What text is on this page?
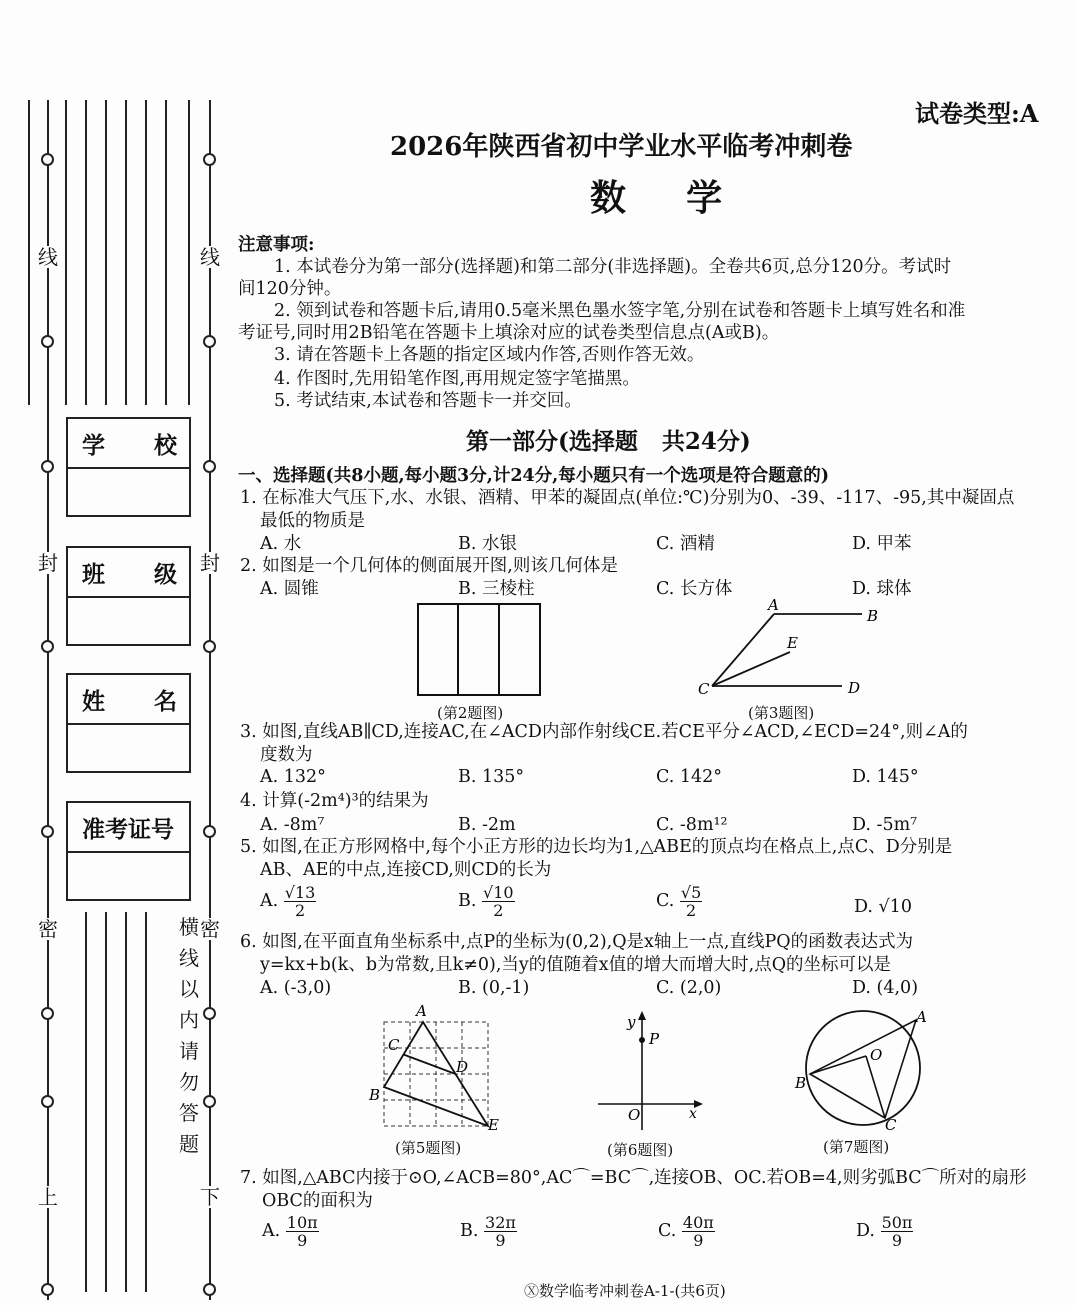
线
封
密
上
线
封
密
下
学 校
班 级
姓 名
准考证号
横
线
以
内
请
勿
答
题
试卷类型:A
2026年陕西省初中学业水平临考冲刺卷
数    学
注意事项:
1. 本试卷分为第一部分(选择题)和第二部分(非选择题)。全卷共6页,总分120分。考试时
间120分钟。
2. 领到试卷和答题卡后,请用0.5毫米黑色墨水签字笔,分别在试卷和答题卡上填写姓名和准
考证号,同时用2B铅笔在答题卡上填涂对应的试卷类型信息点(A或B)。
3. 请在答题卡上各题的指定区域内作答,否则作答无效。
4. 作图时,先用铅笔作图,再用规定签字笔描黑。
5. 考试结束,本试卷和答题卡一并交回。
第一部分(选择题   共24分)
一、选择题(共8小题,每小题3分,计24分,每小题只有一个选项是符合题意的)
1. 在标准大气压下,水、水银、酒精、甲苯的凝固点(单位:℃)分别为0、-39、-117、-95,其中凝固点
最低的物质是
A. 水	B. 水银	C. 酒精	D. 甲苯
2. 如图是一个几何体的侧面展开图,则该几何体是
A. 圆锥	B. 三棱柱	C. 长方体	D. 球体
(第2题图)
A
B
E
C	D
(第3题图)
3. 如图,直线AB∥CD,连接AC,在∠ACD内部作射线CE.若CE平分∠ACD,∠ECD=24°,则∠A的
度数为
A. 132°	B. 135°	C. 142°	D. 145°
4. 计算(-2m⁴)³的结果为
A. -8m⁷	B. -2m	C. -8m¹²	D. -5m⁷
5. 如图,在正方形网格中,每个小正方形的边长均为1,△ABE的顶点均在格点上,点C、D分别是
AB、AE的中点,连接CD,则CD的长为
A. $\frac{√13}{2}$	B. $\frac{√10}{2}$	C. $\frac{√5}{2}$	D. √10
6. 如图,在平面直角坐标系中,点P的坐标为(0,2),Q是x轴上一点,直线PQ的函数表达式为
y=kx+b(k、b为常数,且k≠0),当y的值随着x值的增大而增大时,点Q的坐标可以是
A. (-3,0)	B. (0,-1)	C. (2,0)	D. (4,0)
A
C
D
B
E
(第5题图)
y
P
O	x
(第6题图)
A
O
B
C
(第7题图)
7. 如图,△ABC内接于⊙O,∠ACB=80°,AC⌒=BC⌒,连接OB、OC.若OB=4,则劣弧BC⌒所对的扇形
OBC的面积为
A. $\frac{10\pi}{9}$	B. $\frac{32\pi}{9}$	C. $\frac{40\pi}{9}$	D. $\frac{50\pi}{9}$
Ⓧ数学临考冲刺卷A-1-(共6页)
